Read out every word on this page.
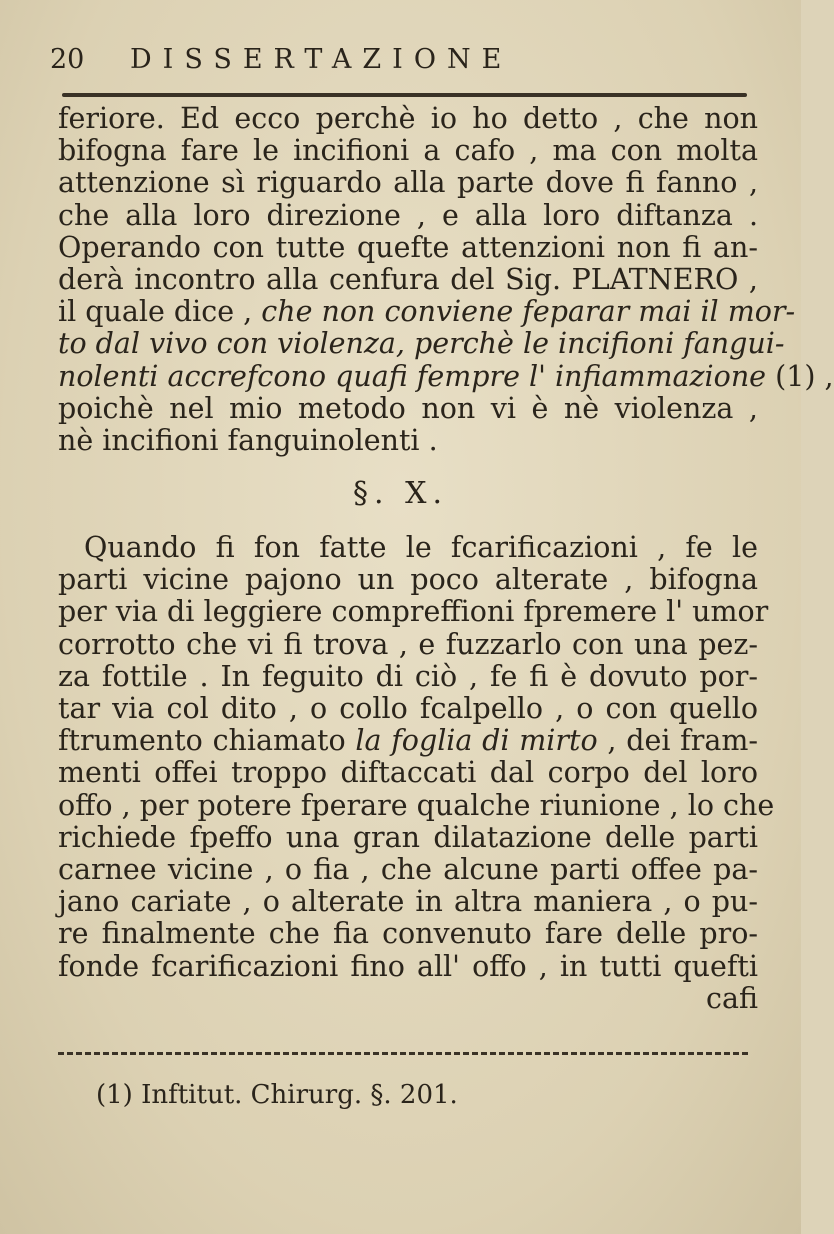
20	DISSERTAZIONE
feriore. Ed ecco perchè io ho detto , che non
bifogna fare le incifioni a cafo , ma con molta
attenzione sì riguardo alla parte dove fi fanno ,
che alla loro direzione , e alla loro diftanza .
Operando con tutte quefte attenzioni non fi an-
derà incontro alla cenfura del Sig. PLATNERO ,
il quale dice , che non conviene feparar mai il mor-
to dal vivo con violenza, perchè le incifioni fangui-
nolenti accrefcono quafi fempre l' infiammazione (1) ,
poichè nel mio metodo non vi è nè violenza ,
nè incifioni fanguinolenti .
§. X.
Quando fi fon fatte le fcarificazioni , fe le
parti vicine pajono un poco alterate , bifogna
per via di leggiere compreffioni fpremere l' umor
corrotto che vi fi trova , e fuzzarlo con una pez-
za fottile . In feguito di ciò , fe fi è dovuto por-
tar via col dito , o collo fcalpello , o con quello
ftrumento chiamato la foglia di mirto , dei fram-
menti offei troppo diftaccati dal corpo del loro
offo , per potere fperare qualche riunione , lo che
richiede fpeffo una gran dilatazione delle parti
carnee vicine , o fia , che alcune parti offee pa-
jano cariate , o alterate in altra maniera , o pu-
re finalmente che fia convenuto fare delle pro-
fonde fcarificazioni fino all' offo , in tutti quefti
cafi
(1) Inftitut. Chirurg. §. 201.
